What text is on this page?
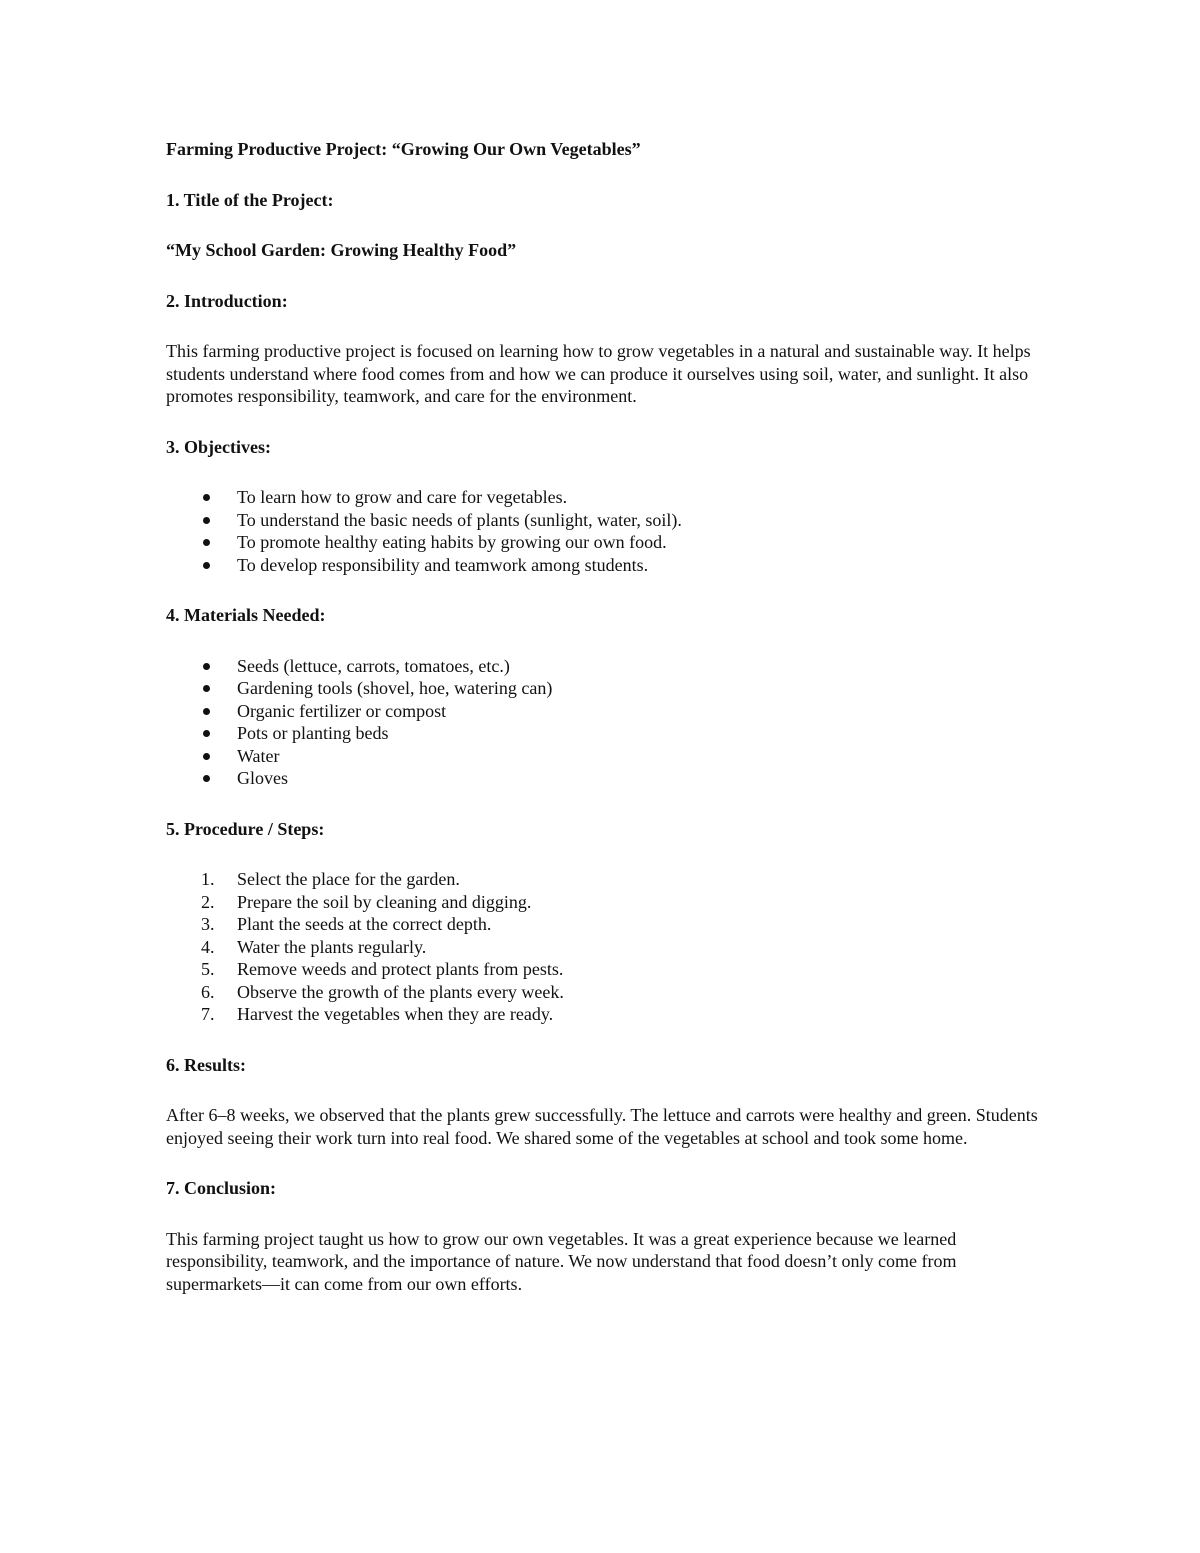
Farming Productive Project: “Growing Our Own Vegetables”

1. Title of the Project:

“My School Garden: Growing Healthy Food”

2. Introduction:

This farming productive project is focused on learning how to grow vegetables in a natural and sustainable way. It helps students understand where food comes from and how we can produce it ourselves using soil, water, and sunlight. It also promotes responsibility, teamwork, and care for the environment.

3. Objectives:

To learn how to grow and care for vegetables.
To understand the basic needs of plants (sunlight, water, soil).
To promote healthy eating habits by growing our own food.
To develop responsibility and teamwork among students.

4. Materials Needed:

Seeds (lettuce, carrots, tomatoes, etc.)
Gardening tools (shovel, hoe, watering can)
Organic fertilizer or compost
Pots or planting beds
Water
Gloves

5. Procedure / Steps:

1. Select the place for the garden.
2. Prepare the soil by cleaning and digging.
3. Plant the seeds at the correct depth.
4. Water the plants regularly.
5. Remove weeds and protect plants from pests.
6. Observe the growth of the plants every week.
7. Harvest the vegetables when they are ready.

6. Results:

After 6–8 weeks, we observed that the plants grew successfully. The lettuce and carrots were healthy and green. Students enjoyed seeing their work turn into real food. We shared some of the vegetables at school and took some home.

7. Conclusion:

This farming project taught us how to grow our own vegetables. It was a great experience because we learned responsibility, teamwork, and the importance of nature. We now understand that food doesn’t only come from supermarkets—it can come from our own efforts.
